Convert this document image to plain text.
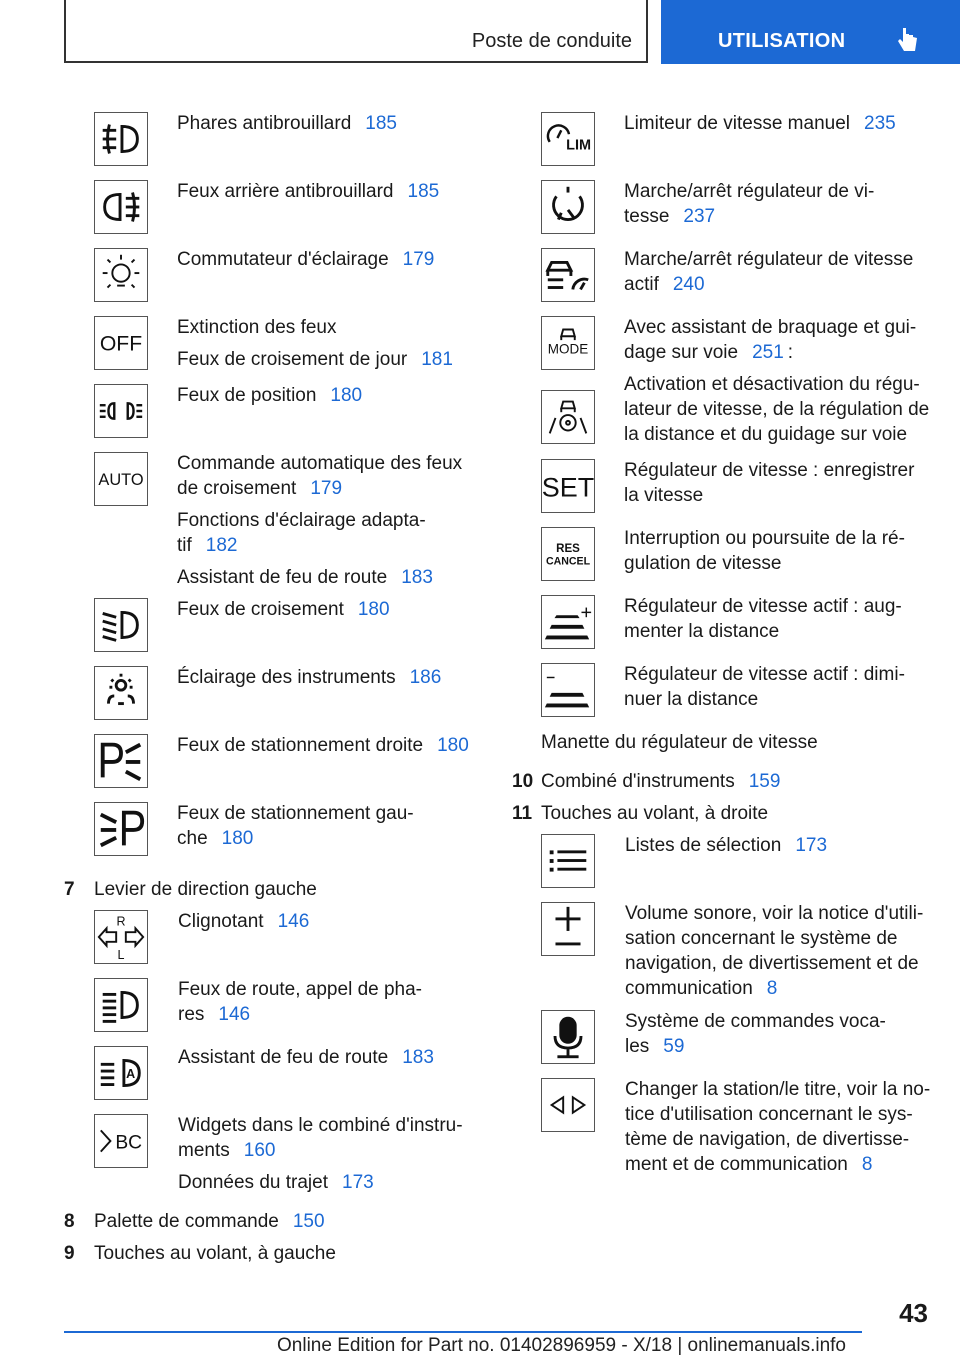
Poste de conduite	UTILISATION
OFF
AUTO
R
L
A
BC
Phares antibrouillard 185
Feux arrière antibrouillard 185
Commutateur d'éclairage 179
Extinction des feux
Feux de croisement de jour 181
Feux de position 180
Commande automatique des feux
de croisement 179
Fonctions d'éclairage adapta-
tif 182
Assistant de feu de route 183
Feux de croisement 180
Éclairage des instruments 186
Feux de stationnement droite 180
Feux de stationnement gau-
che 180
7 Levier de direction gauche
Clignotant 146
Feux de route, appel de pha-
res 146
Assistant de feu de route 183
Widgets dans le combiné d'instru-
ments 160
Données du trajet 173
8 Palette de commande 150
9 Touches au volant, à gauche
LIM
MODE
SET
RES
CANCEL
Limiteur de vitesse manuel 235
Marche/arrêt régulateur de vi-
tesse 237
Marche/arrêt régulateur de vitesse
actif 240
Avec assistant de braquage et gui-
dage sur voie 251 :
Activation et désactivation du régu-
lateur de vitesse, de la régulation de
la distance et du guidage sur voie
Régulateur de vitesse : enregistrer
la vitesse
Interruption ou poursuite de la ré-
gulation de vitesse
Régulateur de vitesse actif : aug-
menter la distance
Régulateur de vitesse actif : dimi-
nuer la distance
Manette du régulateur de vitesse
10 Combiné d'instruments 159
11 Touches au volant, à droite
Listes de sélection 173
Volume sonore, voir la notice d'utili-
sation concernant le système de
navigation, de divertissement et de
communication 8
Système de commandes voca-
les 59
Changer la station/le titre, voir la no-
tice d'utilisation concernant le sys-
tème de navigation, de divertisse-
ment et de communication 8
43
Online Edition for Part no. 01402896959 - X/18 | onlinemanuals.info
